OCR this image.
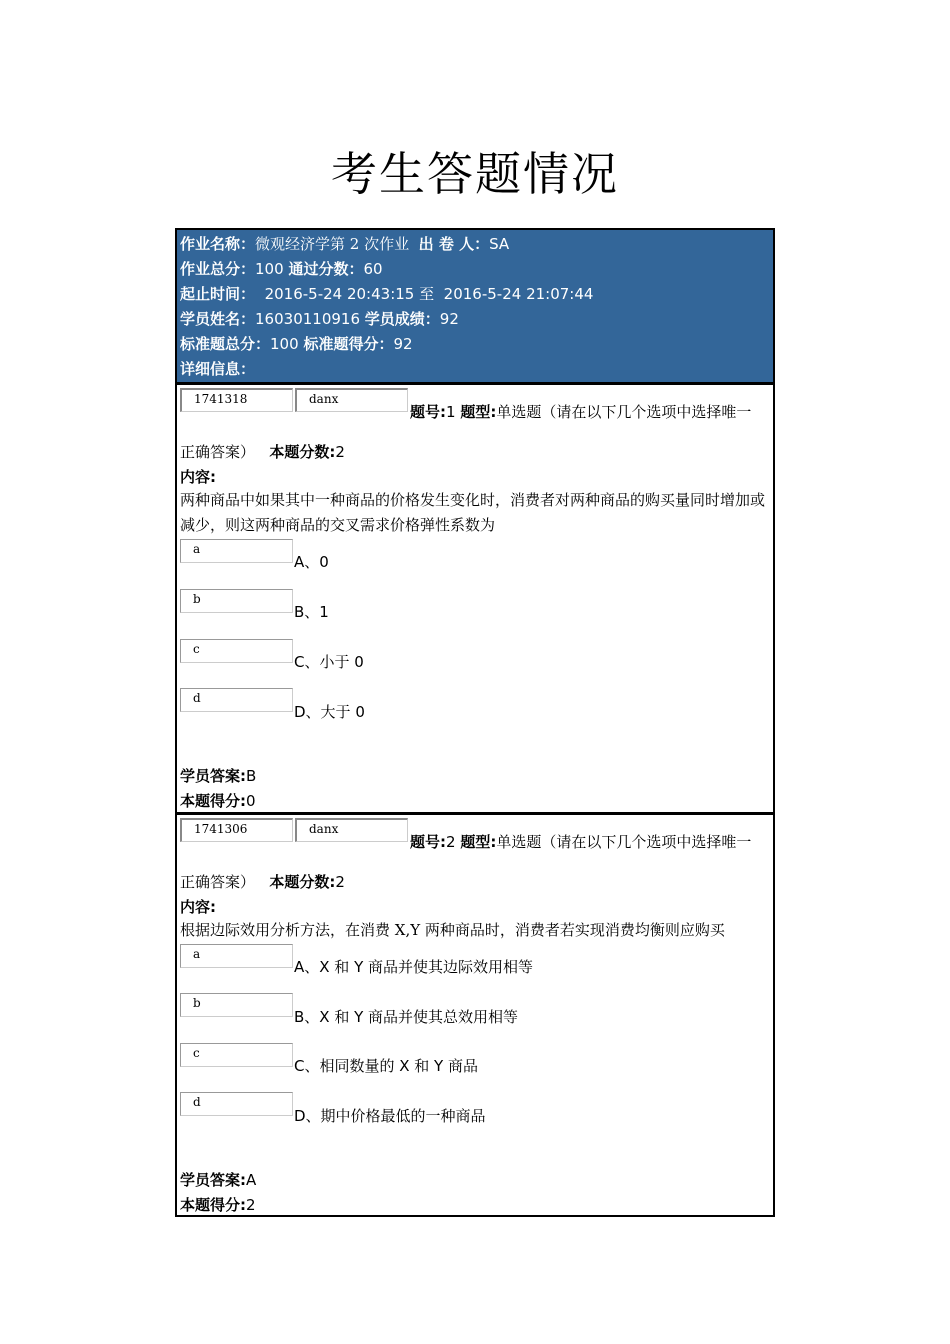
考生答题情况
作业名称：微观经济学第 2 次作业 出 卷 人：SA
作业总分：100 通过分数：60
起止时间： 2016-5-24 20:43:15 至 2016-5-24 21:07:44
学员姓名：16030110916 学员成绩：92
标准题总分：100 标准题得分：92
详细信息：
1741318	danx
题号:1 题型:单选题（请在以下几个选项中选择唯一
正确答案） 本题分数:2
内容:
两种商品中如果其中一种商品的价格发生变化时，消费者对两种商品的购买量同时增加或减少，则这两种商品的交叉需求价格弹性系数为
a
A、0
b
B、1
c
C、小于 0
d
D、大于 0
学员答案:B
本题得分:0
1741306	danx
题号:2 题型:单选题（请在以下几个选项中选择唯一
正确答案） 本题分数:2
内容:
根据边际效用分析方法，在消费 X,Y 两种商品时，消费者若实现消费均衡则应购买
a
A、X 和 Y 商品并使其边际效用相等
b
B、X 和 Y 商品并使其总效用相等
c
C、相同数量的 X 和 Y 商品
d
D、期中价格最低的一种商品
学员答案:A
本题得分:2
